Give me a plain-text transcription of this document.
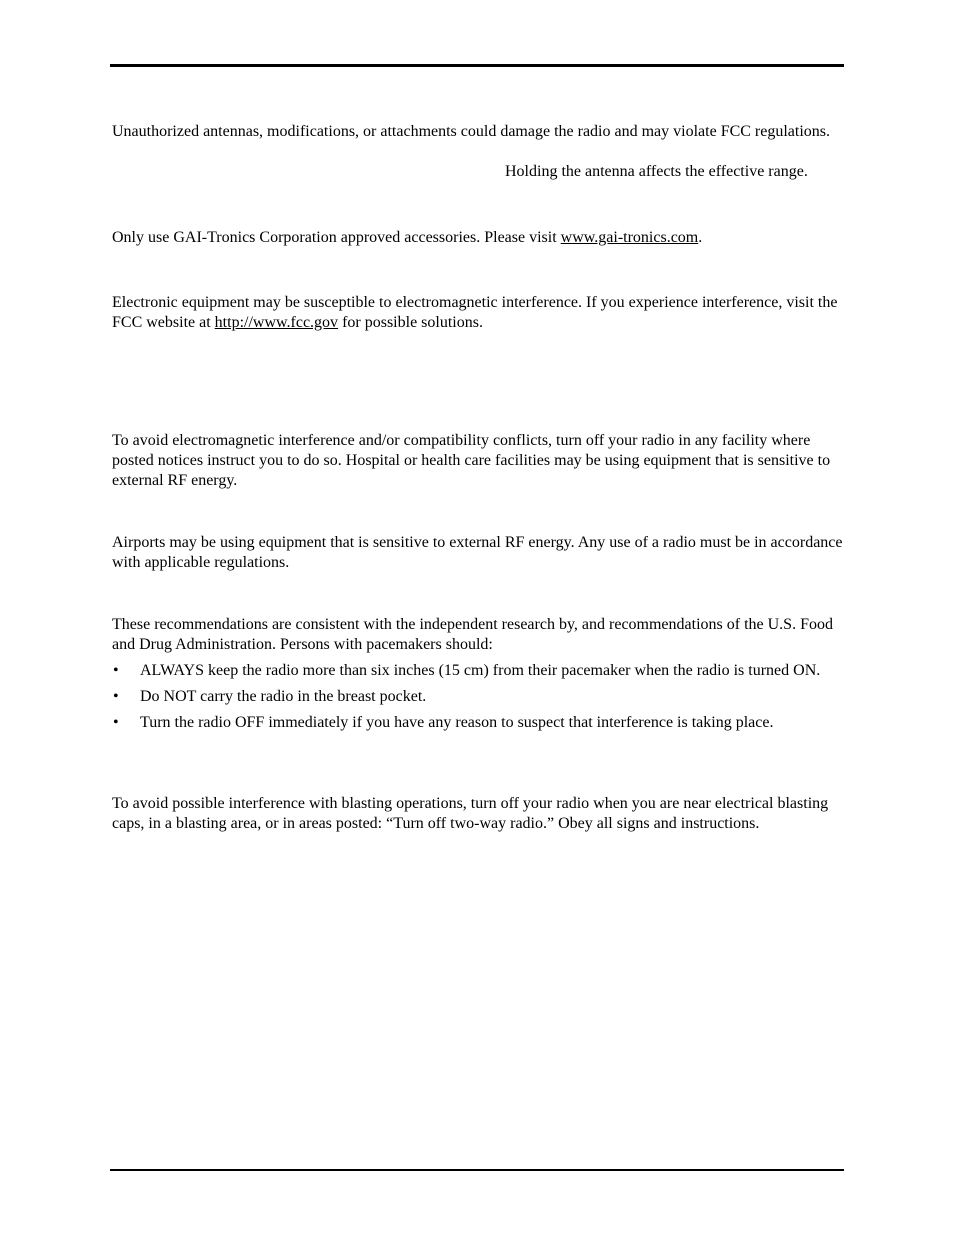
Unauthorized antennas, modifications, or attachments could damage the radio and may violate FCC regulations.

Holding the antenna affects the effective range.

Only use GAI-Tronics Corporation approved accessories. Please visit www.gai-tronics.com.

Electronic equipment may be susceptible to electromagnetic interference. If you experience interference, visit the FCC website at http://www.fcc.gov for possible solutions.

To avoid electromagnetic interference and/or compatibility conflicts, turn off your radio in any facility where posted notices instruct you to do so. Hospital or health care facilities may be using equipment that is sensitive to external RF energy.

Airports may be using equipment that is sensitive to external RF energy. Any use of a radio must be in accordance with applicable regulations.

These recommendations are consistent with the independent research by, and recommendations of the U.S. Food and Drug Administration. Persons with pacemakers should:

• ALWAYS keep the radio more than six inches (15 cm) from their pacemaker when the radio is turned ON.
• Do NOT carry the radio in the breast pocket.
• Turn the radio OFF immediately if you have any reason to suspect that interference is taking place.

To avoid possible interference with blasting operations, turn off your radio when you are near electrical blasting caps, in a blasting area, or in areas posted: “Turn off two-way radio.” Obey all signs and instructions.
